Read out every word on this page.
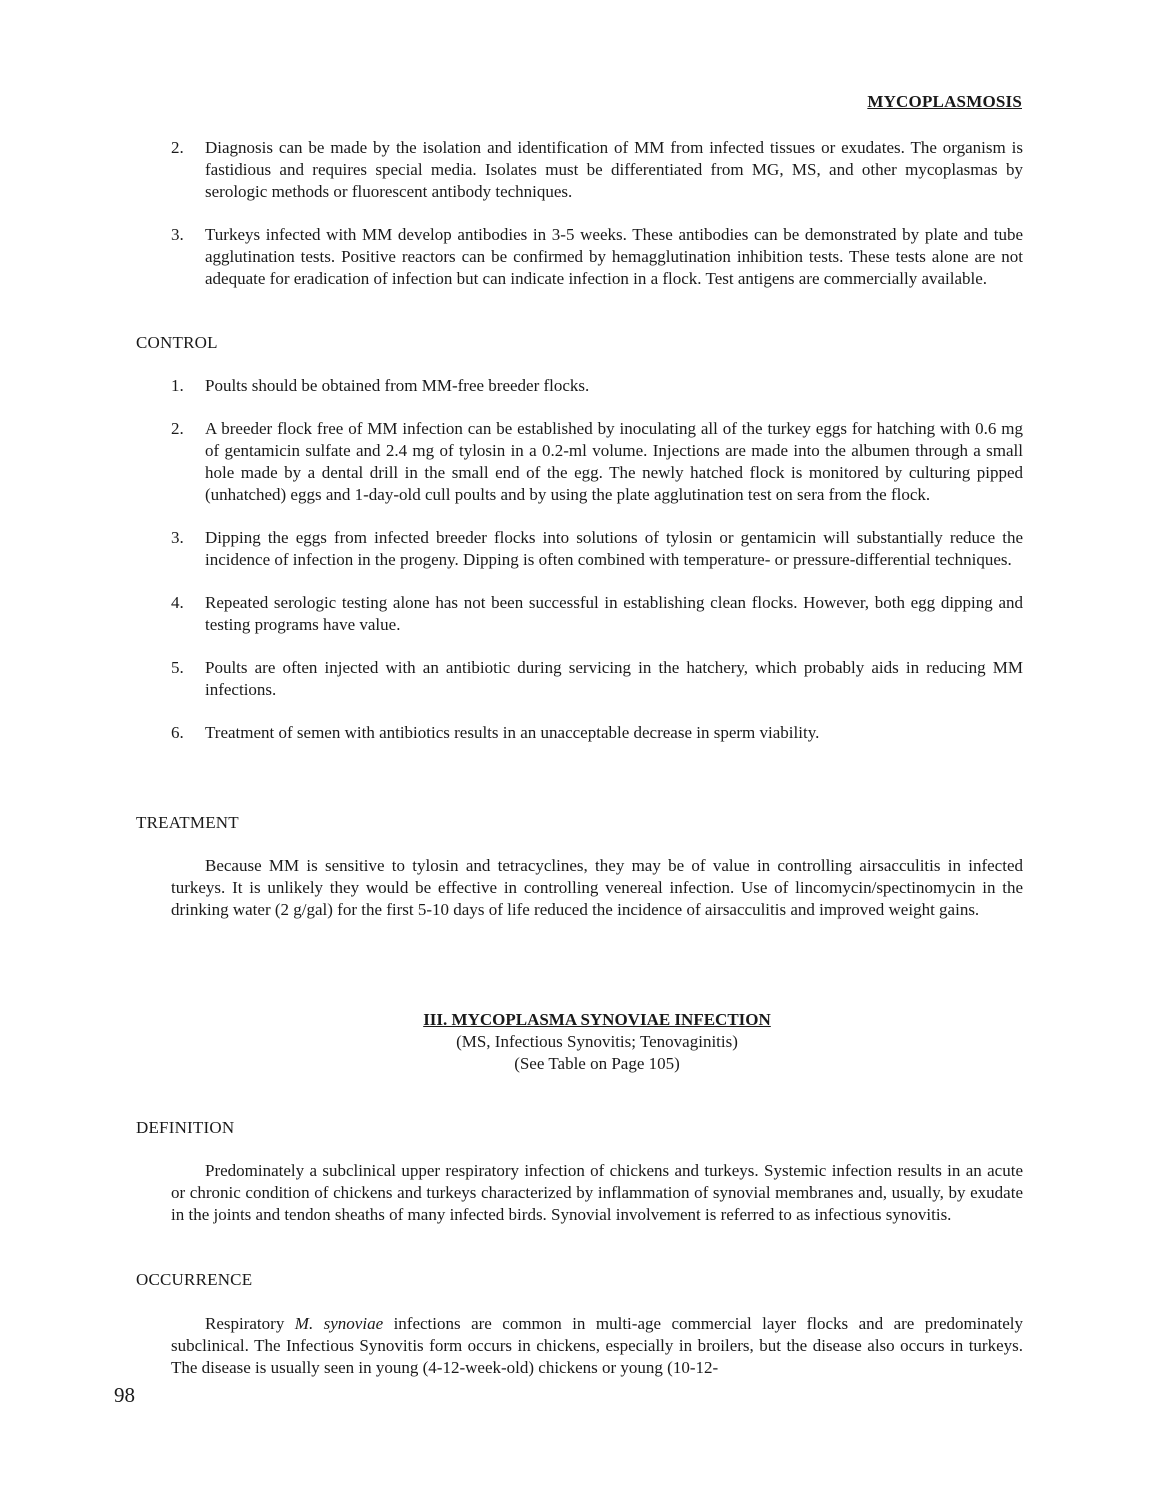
MYCOPLASMOSIS
2. Diagnosis can be made by the isolation and identification of MM from infected tissues or exudates. The organism is fastidious and requires special media. Isolates must be differentiated from MG, MS, and other mycoplasmas by serologic methods or fluorescent antibody techniques.
3. Turkeys infected with MM develop antibodies in 3-5 weeks. These antibodies can be demonstrated by plate and tube agglutination tests. Positive reactors can be confirmed by hemagglutination inhibition tests. These tests alone are not adequate for eradication of infection but can indicate infection in a flock. Test antigens are commercially available.
CONTROL
1. Poults should be obtained from MM-free breeder flocks.
2. A breeder flock free of MM infection can be established by inoculating all of the turkey eggs for hatching with 0.6 mg of gentamicin sulfate and 2.4 mg of tylosin in a 0.2-ml volume. Injections are made into the albumen through a small hole made by a dental drill in the small end of the egg. The newly hatched flock is monitored by culturing pipped (unhatched) eggs and 1-day-old cull poults and by using the plate agglutination test on sera from the flock.
3. Dipping the eggs from infected breeder flocks into solutions of tylosin or gentamicin will substantially reduce the incidence of infection in the progeny. Dipping is often combined with temperature- or pressure-differential techniques.
4. Repeated serologic testing alone has not been successful in establishing clean flocks. However, both egg dipping and testing programs have value.
5. Poults are often injected with an antibiotic during servicing in the hatchery, which probably aids in reducing MM infections.
6. Treatment of semen with antibiotics results in an unacceptable decrease in sperm viability.
TREATMENT

Because MM is sensitive to tylosin and tetracyclines, they may be of value in controlling airsacculitis in infected turkeys. It is unlikely they would be effective in controlling venereal infection. Use of lincomycin/spectinomycin in the drinking water (2 g/gal) for the first 5-10 days of life reduced the incidence of airsacculitis and improved weight gains.

III. MYCOPLASMA SYNOVIAE INFECTION
(MS, Infectious Synovitis; Tenovaginitis)
(See Table on Page 105)
DEFINITION

Predominately a subclinical upper respiratory infection of chickens and turkeys. Systemic infection results in an acute or chronic condition of chickens and turkeys characterized by inflammation of synovial membranes and, usually, by exudate in the joints and tendon sheaths of many infected birds. Synovial involvement is referred to as infectious synovitis.

OCCURRENCE

Respiratory M. synoviae infections are common in multi-age commercial layer flocks and are predominately subclinical. The Infectious Synovitis form occurs in chickens, especially in broilers, but the disease also occurs in turkeys. The disease is usually seen in young (4-12-week-old) chickens or young (10-12-

98
